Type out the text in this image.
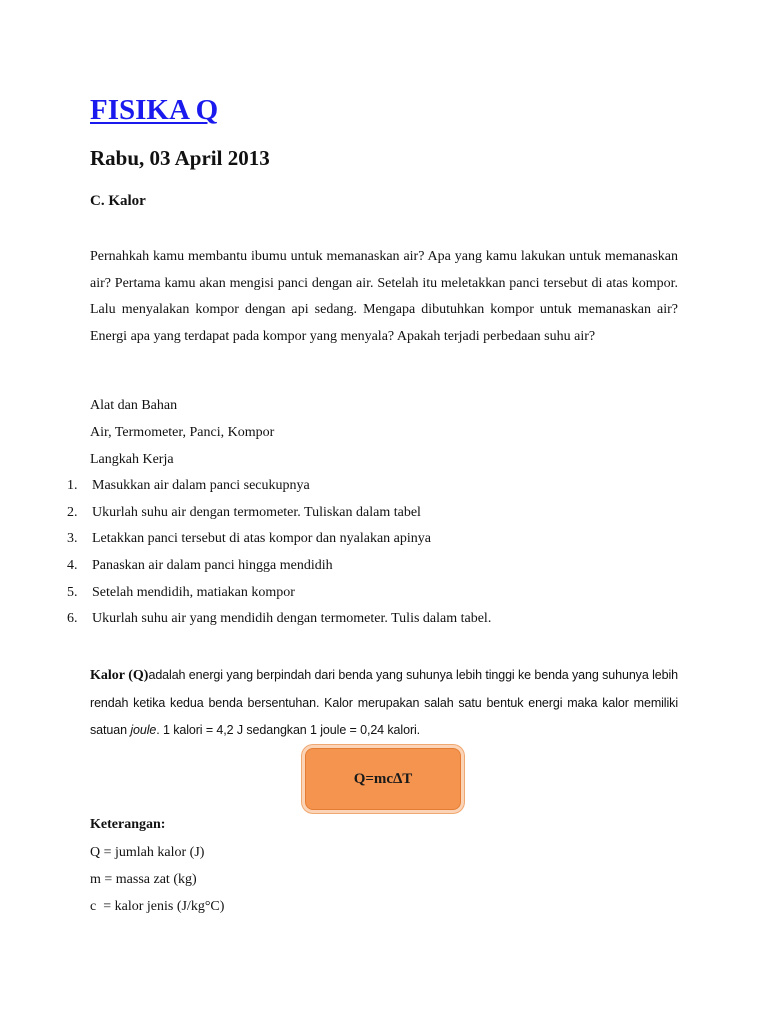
FISIKA Q
Rabu, 03 April 2013
C. Kalor

Pernahkah kamu membantu ibumu untuk memanaskan air? Apa yang kamu lakukan untuk memanaskan air? Pertama kamu akan mengisi panci dengan air. Setelah itu meletakkan panci tersebut di atas kompor. Lalu menyalakan kompor dengan api sedang. Mengapa dibutuhkan kompor untuk memanaskan air? Energi apa yang terdapat pada kompor yang menyala? Apakah terjadi perbedaan suhu air?

Alat dan Bahan
Air, Termometer, Panci, Kompor
Langkah Kerja
1.	Masukkan air dalam panci secukupnya
2.	Ukurlah suhu air dengan termometer. Tuliskan dalam tabel
3.	Letakkan panci tersebut di atas kompor dan nyalakan apinya
4.	Panaskan air dalam panci hingga mendidih
5.	Setelah mendidih, matiakan kompor
6.	Ukurlah suhu air yang mendidih dengan termometer. Tulis dalam tabel.

Kalor (Q)adalah energi yang berpindah dari benda yang suhunya lebih tinggi ke benda yang suhunya lebih rendah ketika kedua benda bersentuhan. Kalor merupakan salah satu bentuk energi maka kalor memiliki satuan joule. 1 kalori = 4,2 J sedangkan 1 joule = 0,24 kalori.

Q=mc∆T
Keterangan:
Q = jumlah kalor (J)
m = massa zat (kg)
c  = kalor jenis (J/kg°C)
